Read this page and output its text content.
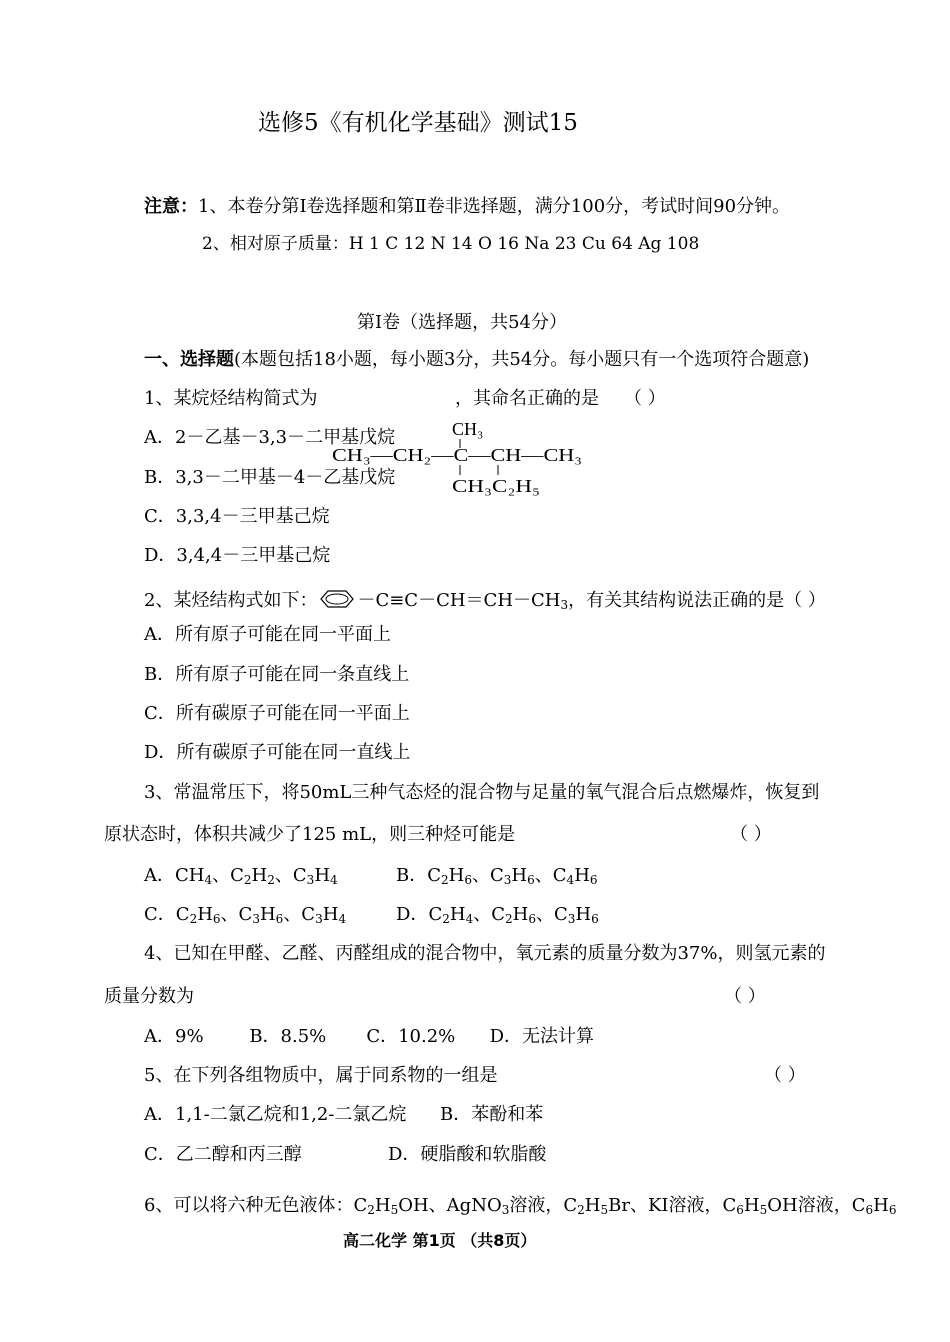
选修5《有机化学基础》测试15
注意：1、本卷分第Ⅰ卷选择题和第Ⅱ卷非选择题，满分100分，考试时间90分钟。
2、相对原子质量：H 1 C 12 N 14 O 16 Na 23 Cu 64 Ag 108
第Ⅰ卷（选择题，共54分）
一、选择题(本题包括18小题，每小题3分，共54分。每小题只有一个选项符合题意)
1、某烷烃结构简式为	，其命名正确的是 （ ）
A．2－乙基－3,3－二甲基戊烷
B．3,3－二甲基－4－乙基戊烷
C．3,3,4－三甲基己烷
D．3,4,4－三甲基己烷
CH₃
CH₃—CH₂—C—CH—CH₃
CH₃C₂H₅
2、某烃结构式如下： $-C\equiv C-CH=CH-CH_3$，有关其结构说法正确的是（ ）
A．所有原子可能在同一平面上
B．所有原子可能在同一条直线上
C．所有碳原子可能在同一平面上
D．所有碳原子可能在同一直线上
3、常温常压下，将50mL三种气态烃的混合物与足量的氧气混合后点燃爆炸，恢复到
原状态时，体积共减少了125 mL，则三种烃可能是	（ ）
A．$CH_4$、$C_2H_2$、$C_3H_4$	B．$C_2H_6$、$C_3H_6$、$C_4H_6$
C．$C_2H_6$、$C_3H_6$、$C_3H_4$	D．$C_2H_4$、$C_2H_6$、$C_3H_6$
4、已知在甲醛、乙醛、丙醛组成的混合物中，氧元素的质量分数为37%，则氢元素的
质量分数为	（ ）
A．9%        B．8.5%       C．10.2%      D．无法计算
5、在下列各组物质中，属于同系物的一组是	（ ）
A．1,1-二氯乙烷和1,2-二氯乙烷 B．苯酚和苯
C．乙二醇和丙三醇	D．硬脂酸和软脂酸
6、可以将六种无色液体：$C_2H_5OH$、AgNO$_3$溶液，$C_2H_5Br$、KI溶液，$C_6H_5OH$溶液，$C_6H_6$
高二化学 第1页 （共8页）
